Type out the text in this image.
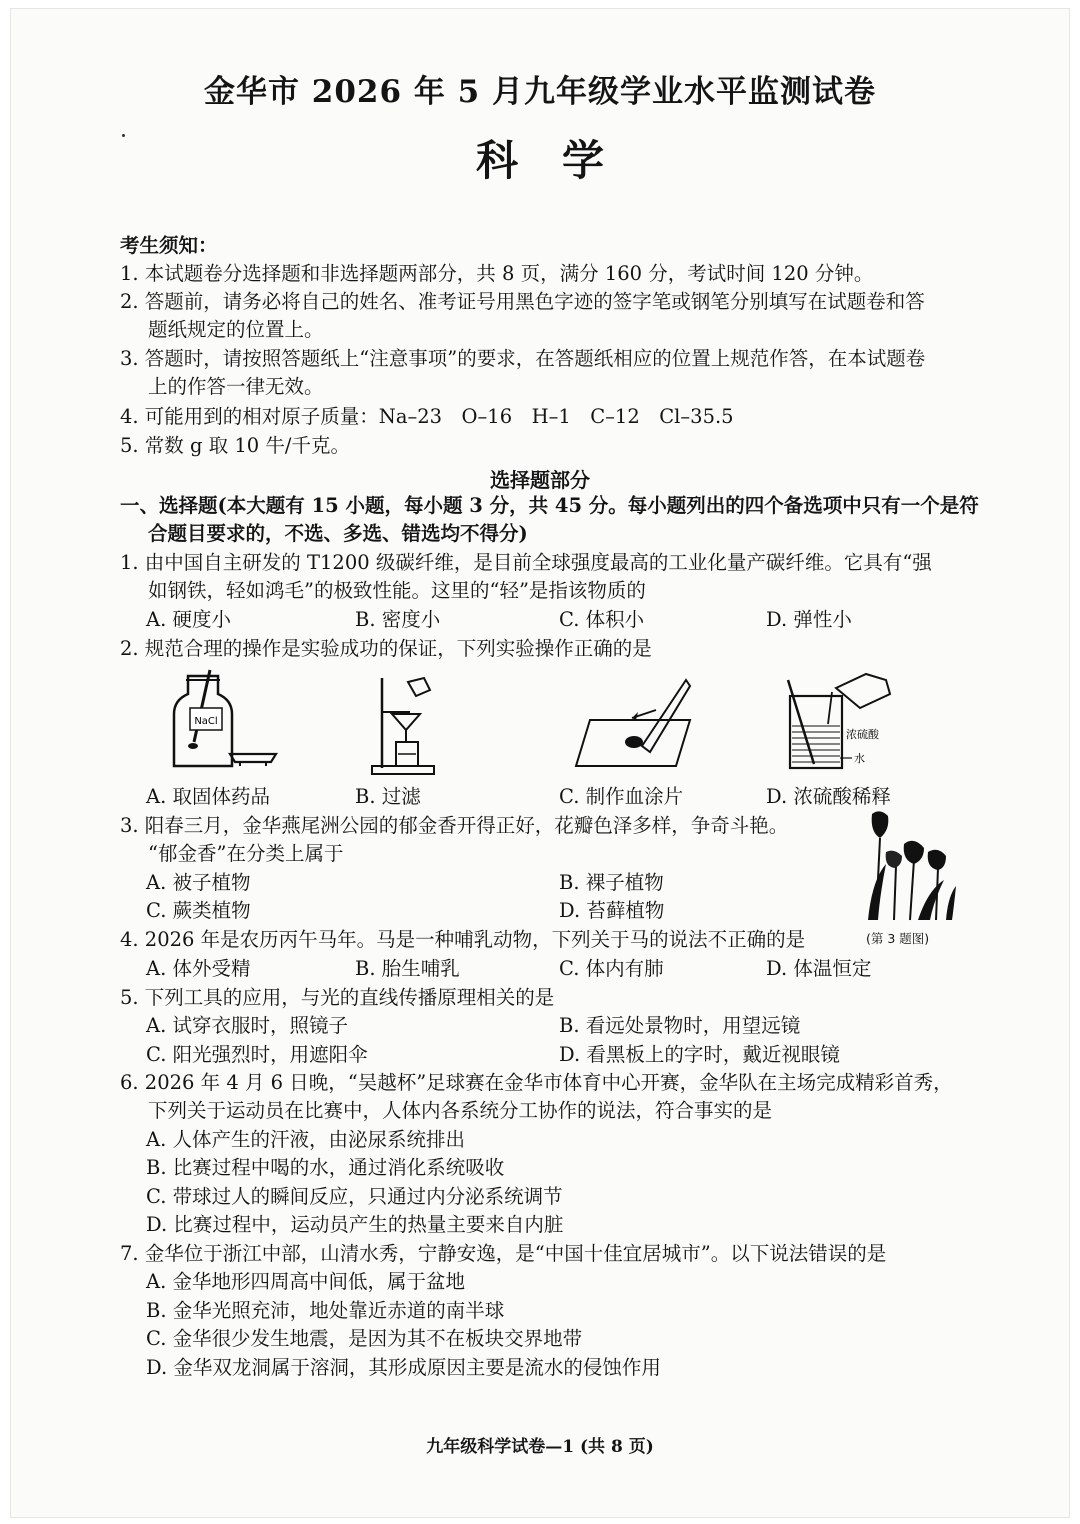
金华市 2026 年 5 月九年级学业水平监测试卷
科学
考生须知：
1. 本试题卷分选择题和非选择题两部分，共 8 页，满分 160 分，考试时间 120 分钟。
2. 答题前，请务必将自己的姓名、准考证号用黑色字迹的签字笔或钢笔分别填写在试题卷和答
题纸规定的位置上。
3. 答题时，请按照答题纸上“注意事项”的要求，在答题纸相应的位置上规范作答，在本试题卷
上的作答一律无效。
4. 可能用到的相对原子质量：Na–23　O–16　H–1　C–12　Cl–35.5
5. 常数 g 取 10 牛/千克。
选择题部分
一、选择题(本大题有 15 小题，每小题 3 分，共 45 分。每小题列出的四个备选项中只有一个是符
合题目要求的，不选、多选、错选均不得分)
1. 由中国自主研发的 T1200 级碳纤维，是目前全球强度最高的工业化量产碳纤维。它具有“强
如钢铁，轻如鸿毛”的极致性能。这里的“轻”是指该物质的
A. 硬度小	B. 密度小	C. 体积小	D. 弹性小
2. 规范合理的操作是实验成功的保证，下列实验操作正确的是
NaCl
浓硫酸
水
A. 取固体药品	B. 过滤	C. 制作血涂片	D. 浓硫酸稀释
3. 阳春三月，金华燕尾洲公园的郁金香开得正好，花瓣色泽多样，争奇斗艳。
“郁金香”在分类上属于
A. 被子植物	B. 裸子植物
C. 蕨类植物	D. 苔藓植物
(第 3 题图)
4. 2026 年是农历丙午马年。马是一种哺乳动物，下列关于马的说法不正确的是
A. 体外受精	B. 胎生哺乳	C. 体内有肺	D. 体温恒定
5. 下列工具的应用，与光的直线传播原理相关的是
A. 试穿衣服时，照镜子	B. 看远处景物时，用望远镜
C. 阳光强烈时，用遮阳伞	D. 看黑板上的字时，戴近视眼镜
6. 2026 年 4 月 6 日晚，“吴越杯”足球赛在金华市体育中心开赛，金华队在主场完成精彩首秀，
下列关于运动员在比赛中，人体内各系统分工协作的说法，符合事实的是
A. 人体产生的汗液，由泌尿系统排出
B. 比赛过程中喝的水，通过消化系统吸收
C. 带球过人的瞬间反应，只通过内分泌系统调节
D. 比赛过程中，运动员产生的热量主要来自内脏
7. 金华位于浙江中部，山清水秀，宁静安逸，是“中国十佳宜居城市”。以下说法错误的是
A. 金华地形四周高中间低，属于盆地
B. 金华光照充沛，地处靠近赤道的南半球
C. 金华很少发生地震，是因为其不在板块交界地带
D. 金华双龙洞属于溶洞，其形成原因主要是流水的侵蚀作用
九年级科学试卷—1 (共 8 页)
